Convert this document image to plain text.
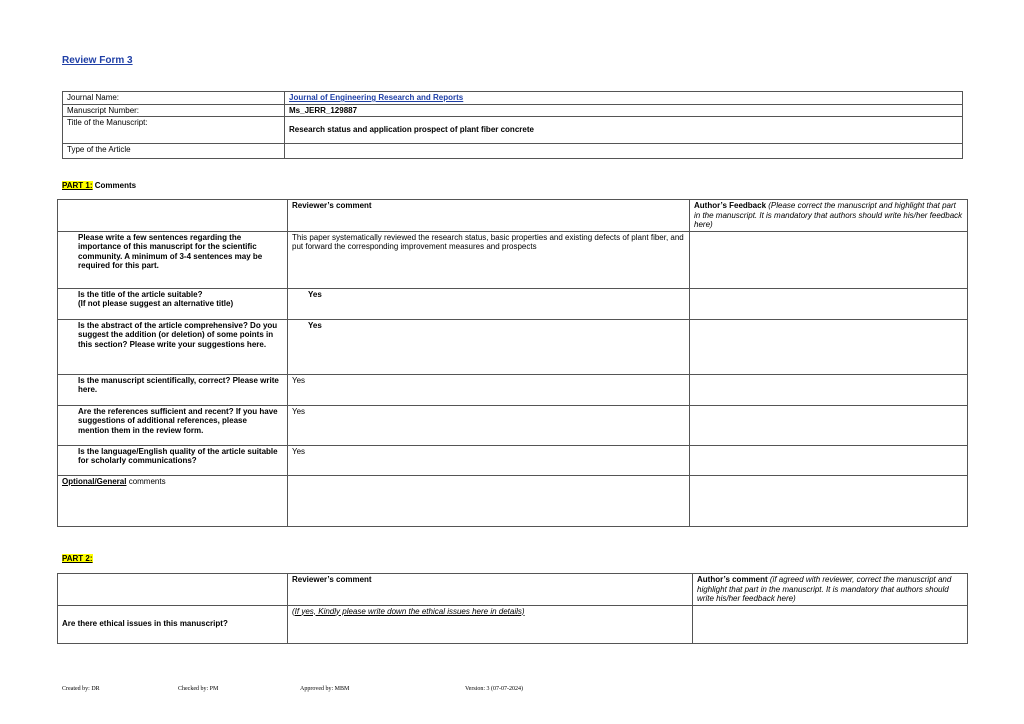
Review Form 3
Journal Name:	Journal of Engineering Research and Reports
Manuscript Number:	Ms_JERR_129887
Title of the Manuscript:	Research status and application prospect of plant fiber concrete
Type of the Article	
PART 1: Comments
	Reviewer’s comment	Author’s Feedback (Please correct the manuscript and highlight that part in the manuscript. It is mandatory that authors should write his/her feedback here)
Please write a few sentences regarding the importance of this manuscript for the scientific community. A minimum of 3-4 sentences may be required for this part.	This paper systematically reviewed the research status, basic properties and existing defects of plant fiber, and put forward the corresponding improvement measures and prospects	
Is the title of the article suitable?
(If not please suggest an alternative title)	Yes	
Is the abstract of the article comprehensive? Do you suggest the addition (or deletion) of some points in this section? Please write your suggestions here.	Yes	
Is the manuscript scientifically, correct? Please write here.	Yes	
Are the references sufficient and recent? If you have suggestions of additional references, please mention them in the review form.	Yes	
Is the language/English quality of the article suitable for scholarly communications?	Yes	
Optional/General comments		
PART 2:
	Reviewer’s comment	Author’s comment (if agreed with reviewer, correct the manuscript and highlight that part in the manuscript. It is mandatory that authors should write his/her feedback here)
Are there ethical issues in this manuscript?	(If yes, Kindly please write down the ethical issues here in details)	
Created by: DR	Checked by: PM	Approved by: MBM	Version: 3 (07-07-2024)
